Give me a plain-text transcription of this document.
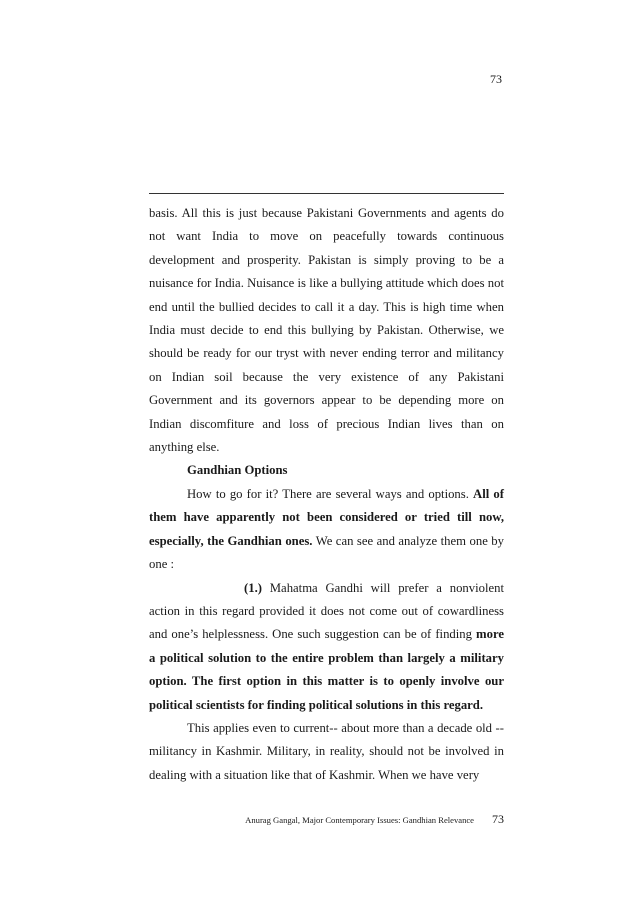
73

basis. All this is just because Pakistani Governments and agents do not want India to move on peacefully towards continuous development and prosperity. Pakistan is simply proving to be a nuisance for India. Nuisance is like a bullying attitude which does not end until the bullied decides to call it a day. This is high time when India must decide to end this bullying by Pakistan. Otherwise, we should be ready for our tryst with never ending terror and militancy on Indian soil because the very existence of any Pakistani Government and its governors appear to be depending more on Indian discomfiture and loss of precious Indian lives than on anything else.

Gandhian Options

How to go for it? There are several ways and options. All of them have apparently not been considered or tried till now, especially, the Gandhian ones. We can see and analyze them one by one :

(1.) Mahatma Gandhi will prefer a nonviolent action in this regard provided it does not come out of cowardliness and one’s helplessness. One such suggestion can be of finding more a political solution to the entire problem than largely a military option. The first option in this matter is to openly involve our political scientists for finding political solutions in this regard.

This applies even to current-- about more than a decade old -- militancy in Kashmir. Military, in reality, should not be involved in dealing with a situation like that of Kashmir. When we have very

Anurag Gangal, Major Contemporary Issues: Gandhian Relevance 73
